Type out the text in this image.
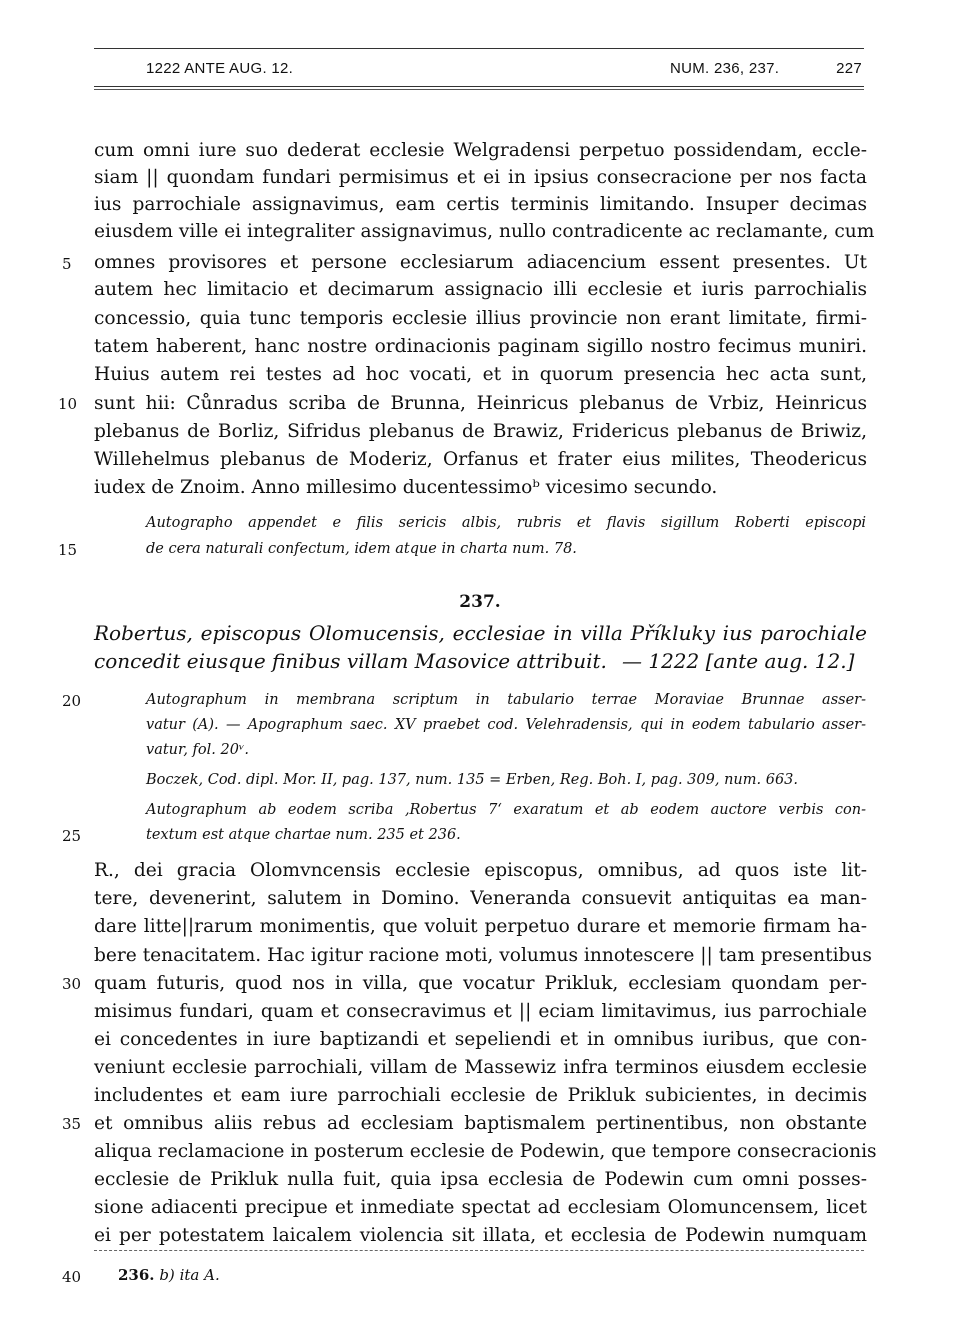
1222 ANTE AUG. 12.	NUM. 236, 237.	227
cum omni iure suo dederat ecclesie Welgradensi perpetuo possidendam, eccle-
siam || quondam fundari permisimus et ei in ipsius consecracione per nos facta
ius parrochiale assignavimus, eam certis terminis limitando. Insuper decimas
eiusdem ville ei integraliter assignavimus, nullo contradicente ac reclamante, cum
omnes provisores et persone ecclesiarum adiacencium essent presentes. Ut
autem hec limitacio et decimarum assignacio illi ecclesie et iuris parrochialis
concessio, quia tunc temporis ecclesie illius provincie non erant limitate, firmi-
tatem haberent, hanc nostre ordinacionis paginam sigillo nostro fecimus muniri.
Huius autem rei testes ad hoc vocati, et in quorum presencia hec acta sunt,
sunt hii: Cůnradus scriba de Brunna, Heinricus plebanus de Vrbiz, Heinricus
plebanus de Borliz, Sifridus plebanus de Brawiz, Fridericus plebanus de Briwiz,
Willehelmus plebanus de Moderiz, Orfanus et frater eius milites, Theodericus
iudex de Znoim. Anno millesimo ducentessimoᵇ vicesimo secundo.
Autographo appendet e filis sericis albis, rubris et flavis sigillum Roberti episcopi
de cera naturali confectum, idem atque in charta num. 78.
237.
Robertus, episcopus Olomucensis, ecclesiae in villa Příkluky ius parochiale
concedit eiusque finibus villam Masovice attribuit. — 1222 [ante aug. 12.]
Autographum in membrana scriptum in tabulario terrae Moraviae Brunnae asser-
vatur (A). — Apographum saec. XV praebet cod. Velehradensis, qui in eodem tabulario asser-
vatur, fol. 20ᵛ.
Boczek, Cod. dipl. Mor. II, pag. 137, num. 135 = Erben, Reg. Boh. I, pag. 309, num. 663.
Autographum ab eodem scriba ‚Robertus 7‘ exaratum et ab eodem auctore verbis con-
textum est atque chartae num. 235 et 236.
R., dei gracia Olomvncensis ecclesie episcopus, omnibus, ad quos iste lit-
tere, devenerint, salutem in Domino. Veneranda consuevit antiquitas ea man-
dare litte||rarum monimentis, que voluit perpetuo durare et memorie firmam ha-
bere tenacitatem. Hac igitur racione moti, volumus innotescere || tam presentibus
quam futuris, quod nos in villa, que vocatur Prikluk, ecclesiam quondam per-
misimus fundari, quam et consecravimus et || eciam limitavimus, ius parrochiale
ei concedentes in iure baptizandi et sepeliendi et in omnibus iuribus, que con-
veniunt ecclesie parrochiali, villam de Massewiz infra terminos eiusdem ecclesie
includentes et eam iure parrochiali ecclesie de Prikluk subicientes, in decimis
et omnibus aliis rebus ad ecclesiam baptismalem pertinentibus, non obstante
aliqua reclamacione in posterum ecclesie de Podewin, que tempore consecracionis
ecclesie de Prikluk nulla fuit, quia ipsa ecclesia de Podewin cum omni posses-
sione adiacenti precipue et inmediate spectat ad ecclesiam Olomuncensem, licet
ei per potestatem laicalem violencia sit illata, et ecclesia de Podewin numquam
5
10
15
20
25
30
35
40 236. b) ita A.
